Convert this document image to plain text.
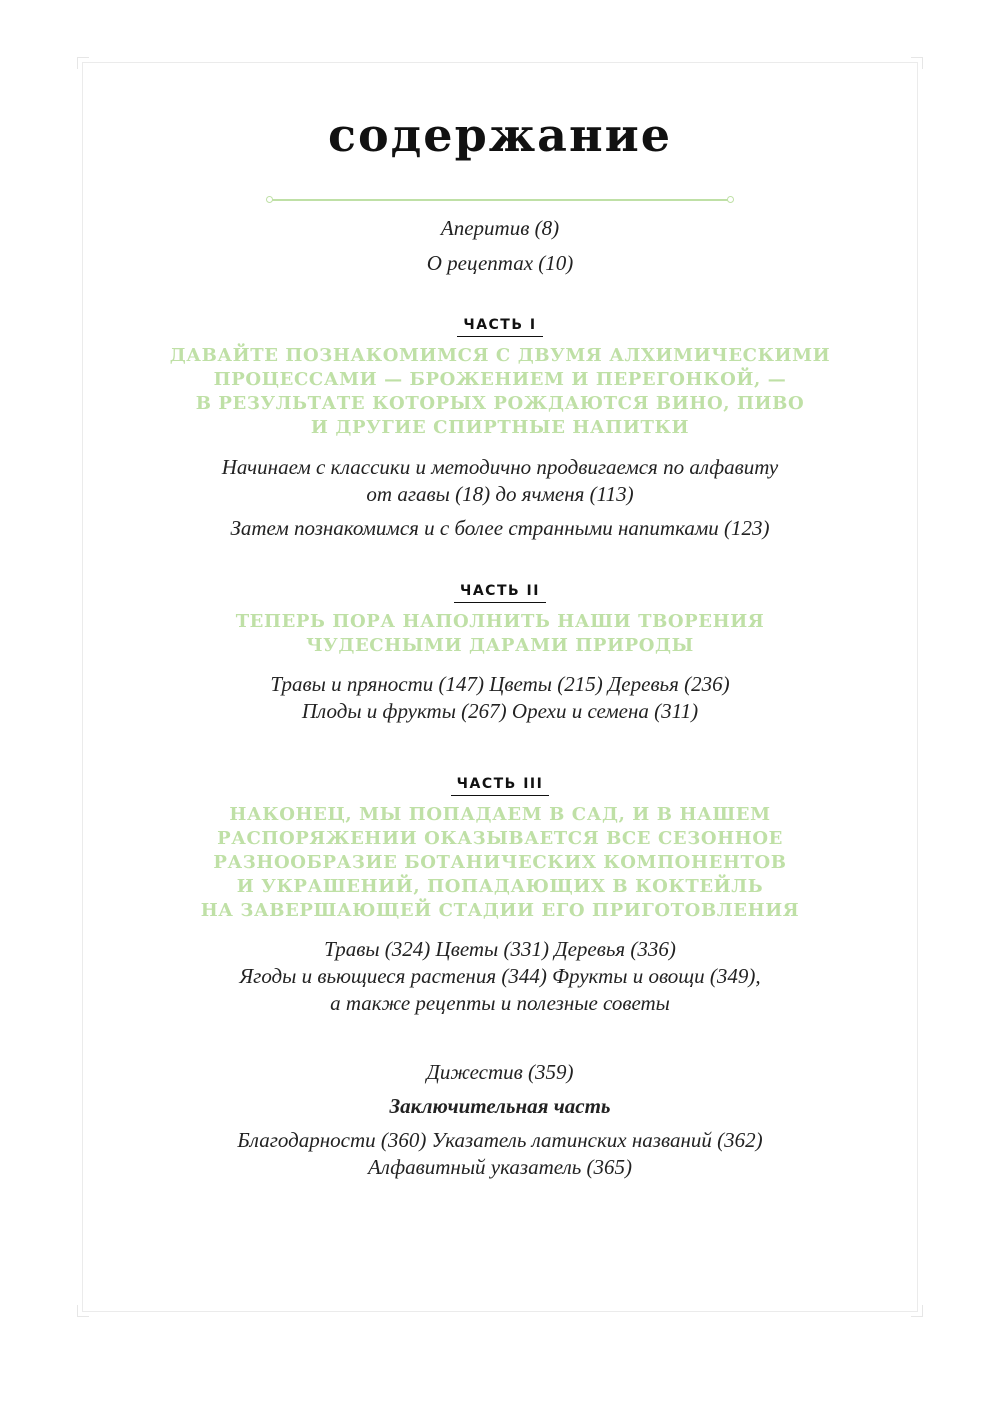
содержание
Аперитив (8)
О рецептах (10)
ЧАСТЬ I
ДАВАЙТЕ ПОЗНАКОМИМСЯ С ДВУМЯ АЛХИМИЧЕСКИМИ
ПРОЦЕССАМИ — БРОЖЕНИЕМ И ПЕРЕГОНКОЙ, —
В РЕЗУЛЬТАТЕ КОТОРЫХ РОЖДАЮТСЯ ВИНО, ПИВО
И ДРУГИЕ СПИРТНЫЕ НАПИТКИ
Начинаем с классики и методично продвигаемся по алфавиту
от агавы (18) до ячменя (113)
Затем познакомимся и с более странными напитками (123)
ЧАСТЬ II
ТЕПЕРЬ ПОРА НАПОЛНИТЬ НАШИ ТВОРЕНИЯ
ЧУДЕСНЫМИ ДАРАМИ ПРИРОДЫ
Травы и пряности (147) Цветы (215) Деревья (236)
Плоды и фрукты (267) Орехи и семена (311)
ЧАСТЬ III
НАКОНЕЦ, МЫ ПОПАДАЕМ В САД, И В НАШЕМ
РАСПОРЯЖЕНИИ ОКАЗЫВАЕТСЯ ВСЕ СЕЗОННОЕ
РАЗНООБРАЗИЕ БОТАНИЧЕСКИХ КОМПОНЕНТОВ
И УКРАШЕНИЙ, ПОПАДАЮЩИХ В КОКТЕЙЛЬ
НА ЗАВЕРШАЮЩЕЙ СТАДИИ ЕГО ПРИГОТОВЛЕНИЯ
Травы (324) Цветы (331) Деревья (336)
Ягоды и вьющиеся растения (344) Фрукты и овощи (349),
а также рецепты и полезные советы
Дижестив (359)
Заключительная часть
Благодарности (360) Указатель латинских названий (362)
Алфавитный указатель (365)
